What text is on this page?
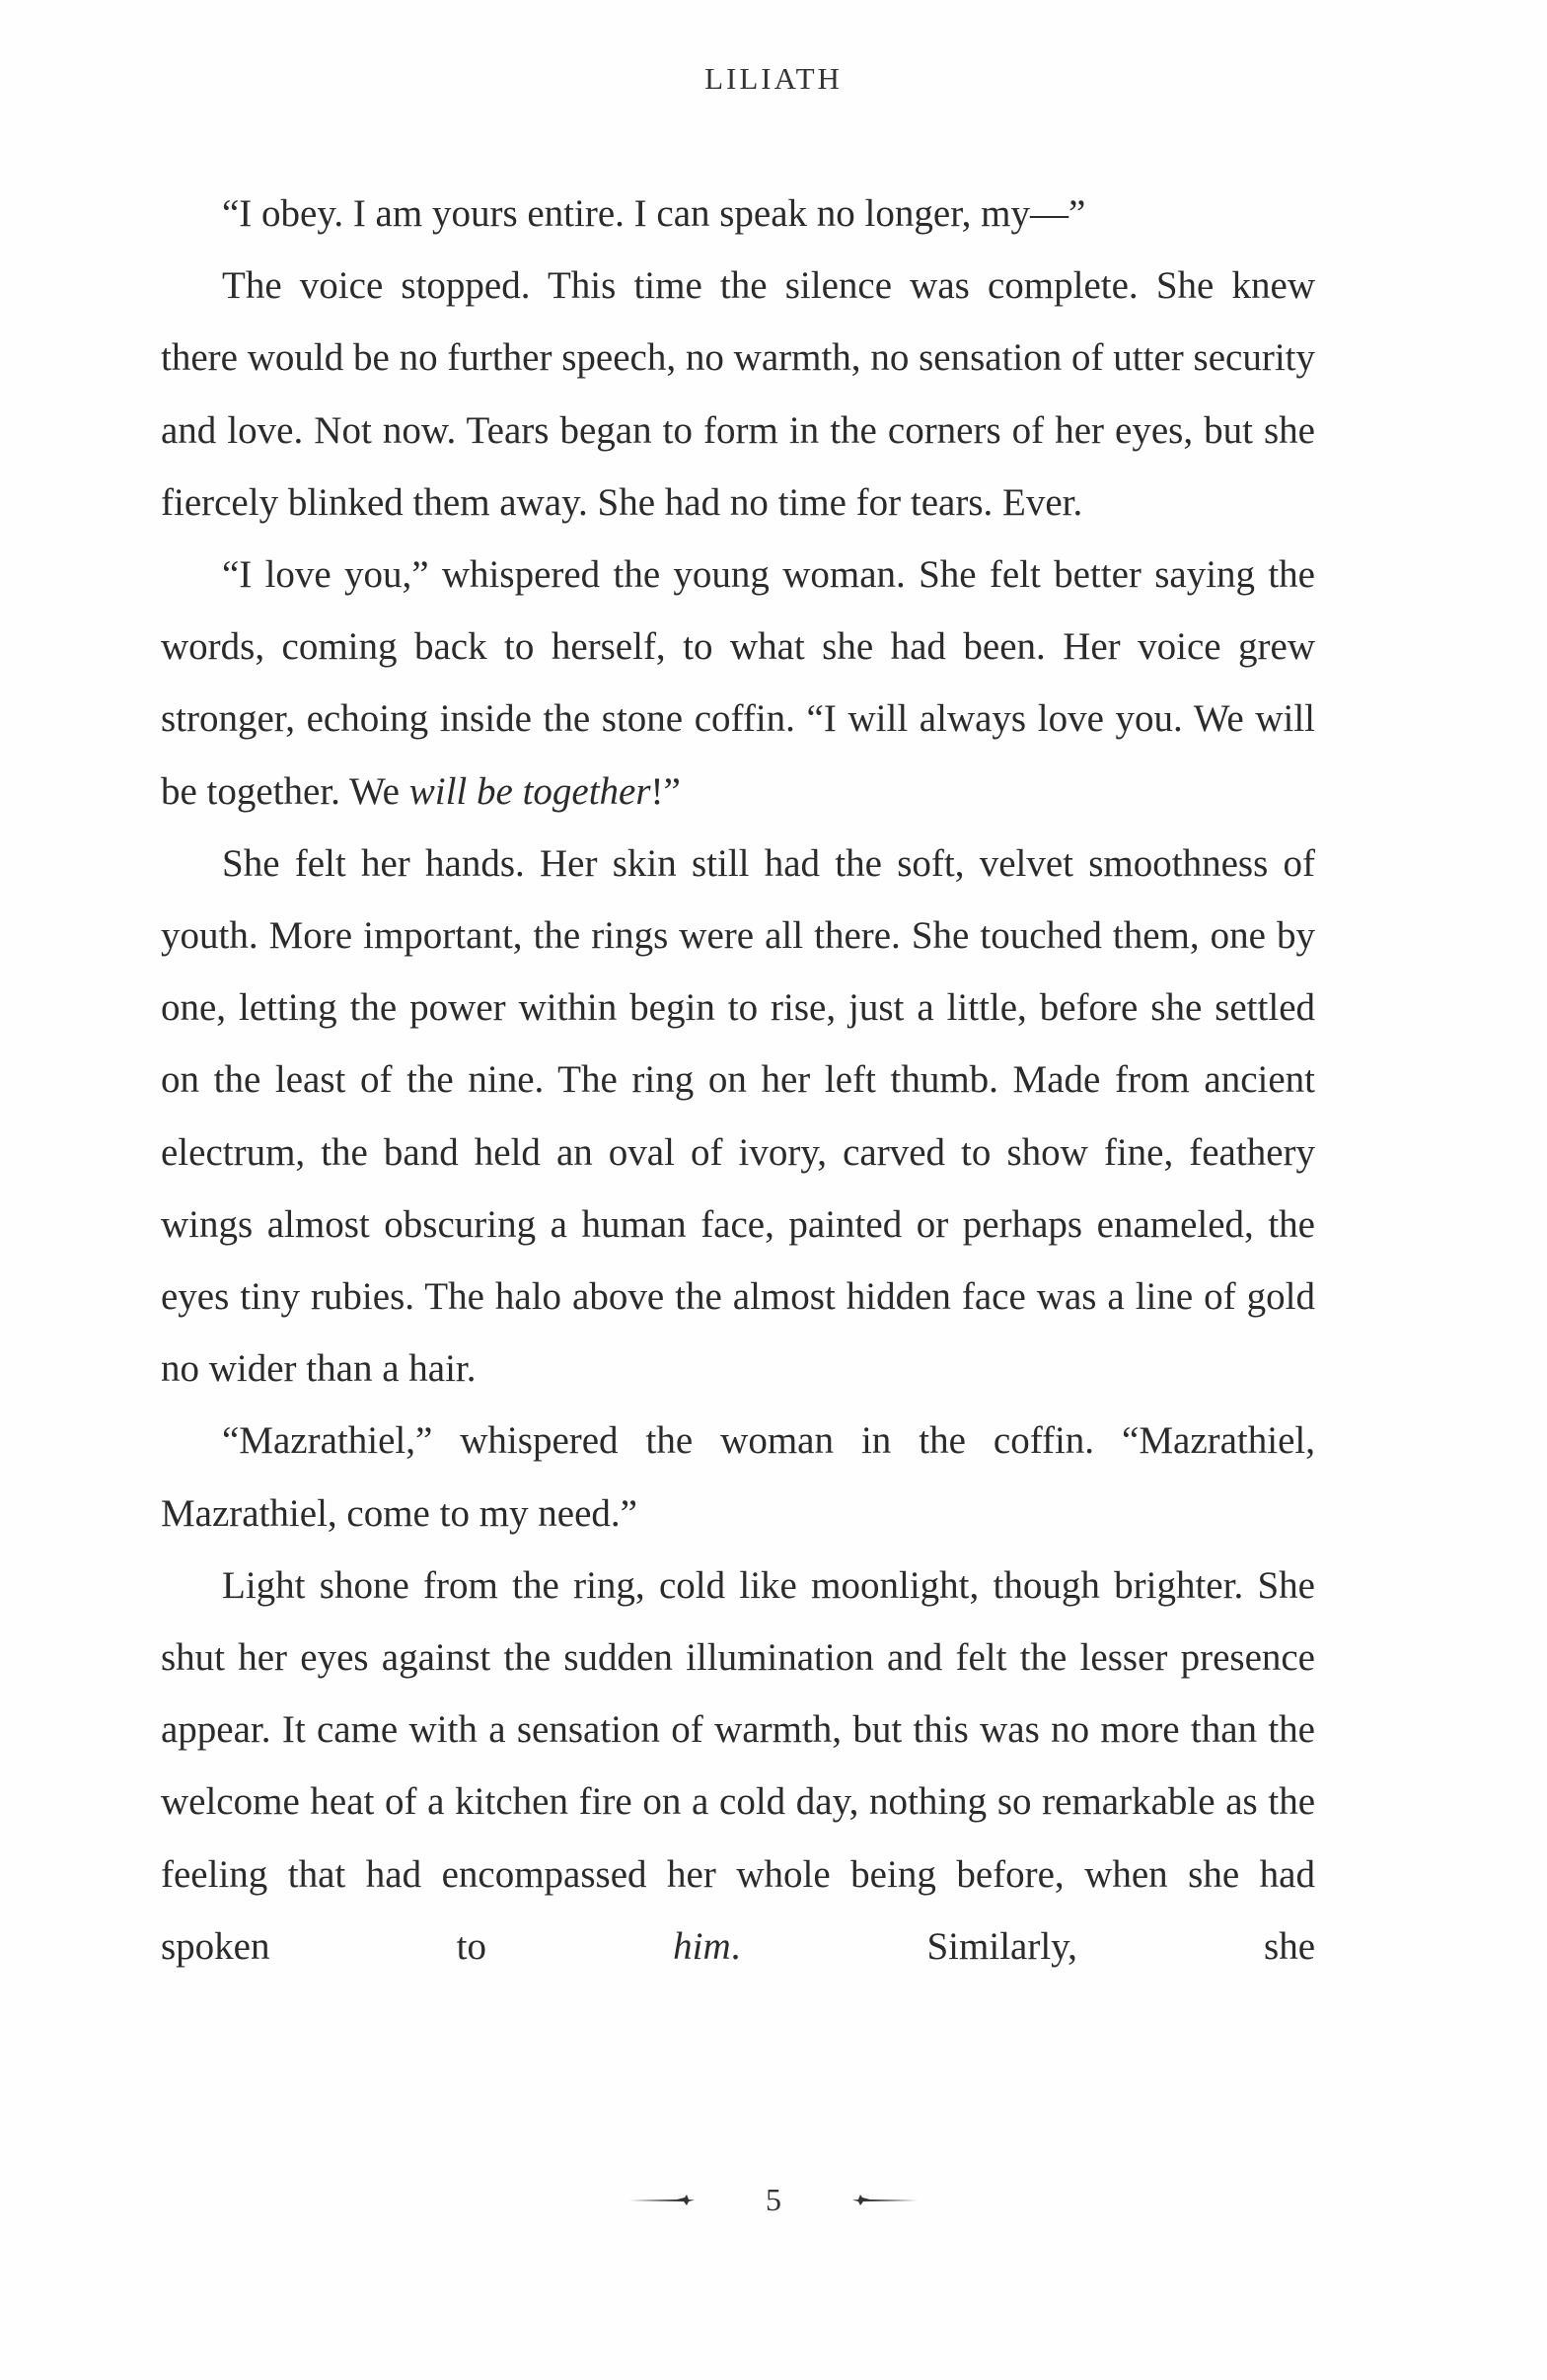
LILIATH

“I obey. I am yours entire. I can speak no longer, my—”

The voice stopped. This time the silence was complete. She knew there would be no further speech, no warmth, no sensation of utter security and love. Not now. Tears began to form in the corners of her eyes, but she fiercely blinked them away. She had no time for tears. Ever.

“I love you,” whispered the young woman. She felt better saying the words, coming back to herself, to what she had been. Her voice grew stronger, echoing inside the stone coffin. “I will always love you. We will be together. We will be together!”

She felt her hands. Her skin still had the soft, velvet smoothness of youth. More important, the rings were all there. She touched them, one by one, letting the power within begin to rise, just a little, before she settled on the least of the nine. The ring on her left thumb. Made from ancient electrum, the band held an oval of ivory, carved to show fine, feathery wings almost obscuring a human face, painted or perhaps enameled, the eyes tiny rubies. The halo above the almost hidden face was a line of gold no wider than a hair.

“Mazrathiel,” whispered the woman in the coffin. “Mazrathiel, Mazrathiel, come to my need.”

Light shone from the ring, cold like moonlight, though brighter. She shut her eyes against the sudden illumination and felt the lesser presence appear. It came with a sensation of warmth, but this was no more than the welcome heat of a kitchen fire on a cold day, nothing so remarkable as the feeling that had encompassed her whole being before, when she had spoken to him. Similarly, she

5
